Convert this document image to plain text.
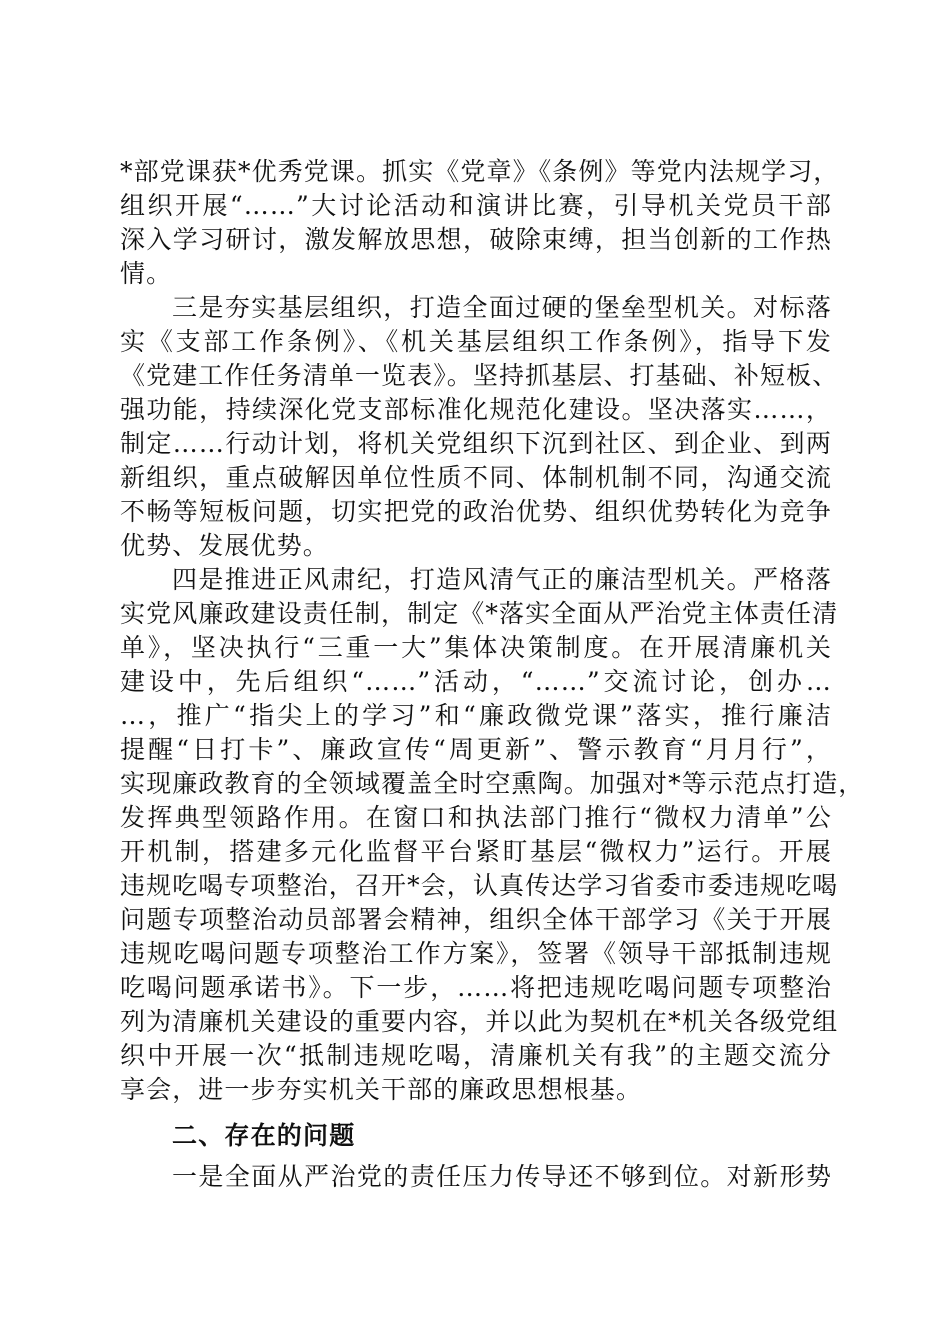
*部党课获*优秀党课。抓实《党章》《条例》等党内法规学习，
组织开展“……”大讨论活动和演讲比赛，引导机关党员干部
深入学习研讨，激发解放思想，破除束缚，担当创新的工作热
情。
三是夯实基层组织，打造全面过硬的堡垒型机关。对标落
实《支部工作条例》、《机关基层组织工作条例》，指导下发
《党建工作任务清单一览表》。坚持抓基层、打基础、补短板、
强功能，持续深化党支部标准化规范化建设。坚决落实……，
制定……行动计划，将机关党组织下沉到社区、到企业、到两
新组织，重点破解因单位性质不同、体制机制不同，沟通交流
不畅等短板问题，切实把党的政治优势、组织优势转化为竞争
优势、发展优势。
四是推进正风肃纪，打造风清气正的廉洁型机关。严格落
实党风廉政建设责任制，制定《*落实全面从严治党主体责任清
单》，坚决执行“三重一大”集体决策制度。在开展清廉机关
建设中，先后组织“……”活动，“……”交流讨论，创办…
…，推广“指尖上的学习”和“廉政微党课”落实，推行廉洁
提醒“日打卡”、廉政宣传“周更新”、警示教育“月月行”，
实现廉政教育的全领域覆盖全时空熏陶。加强对*等示范点打造，
发挥典型领路作用。在窗口和执法部门推行“微权力清单”公
开机制，搭建多元化监督平台紧盯基层“微权力”运行。开展
违规吃喝专项整治，召开*会，认真传达学习省委市委违规吃喝
问题专项整治动员部署会精神，组织全体干部学习《关于开展
违规吃喝问题专项整治工作方案》，签署《领导干部抵制违规
吃喝问题承诺书》。下一步，……将把违规吃喝问题专项整治
列为清廉机关建设的重要内容，并以此为契机在*机关各级党组
织中开展一次“抵制违规吃喝，清廉机关有我”的主题交流分
享会，进一步夯实机关干部的廉政思想根基。
二、存在的问题
一是全面从严治党的责任压力传导还不够到位。对新形势
